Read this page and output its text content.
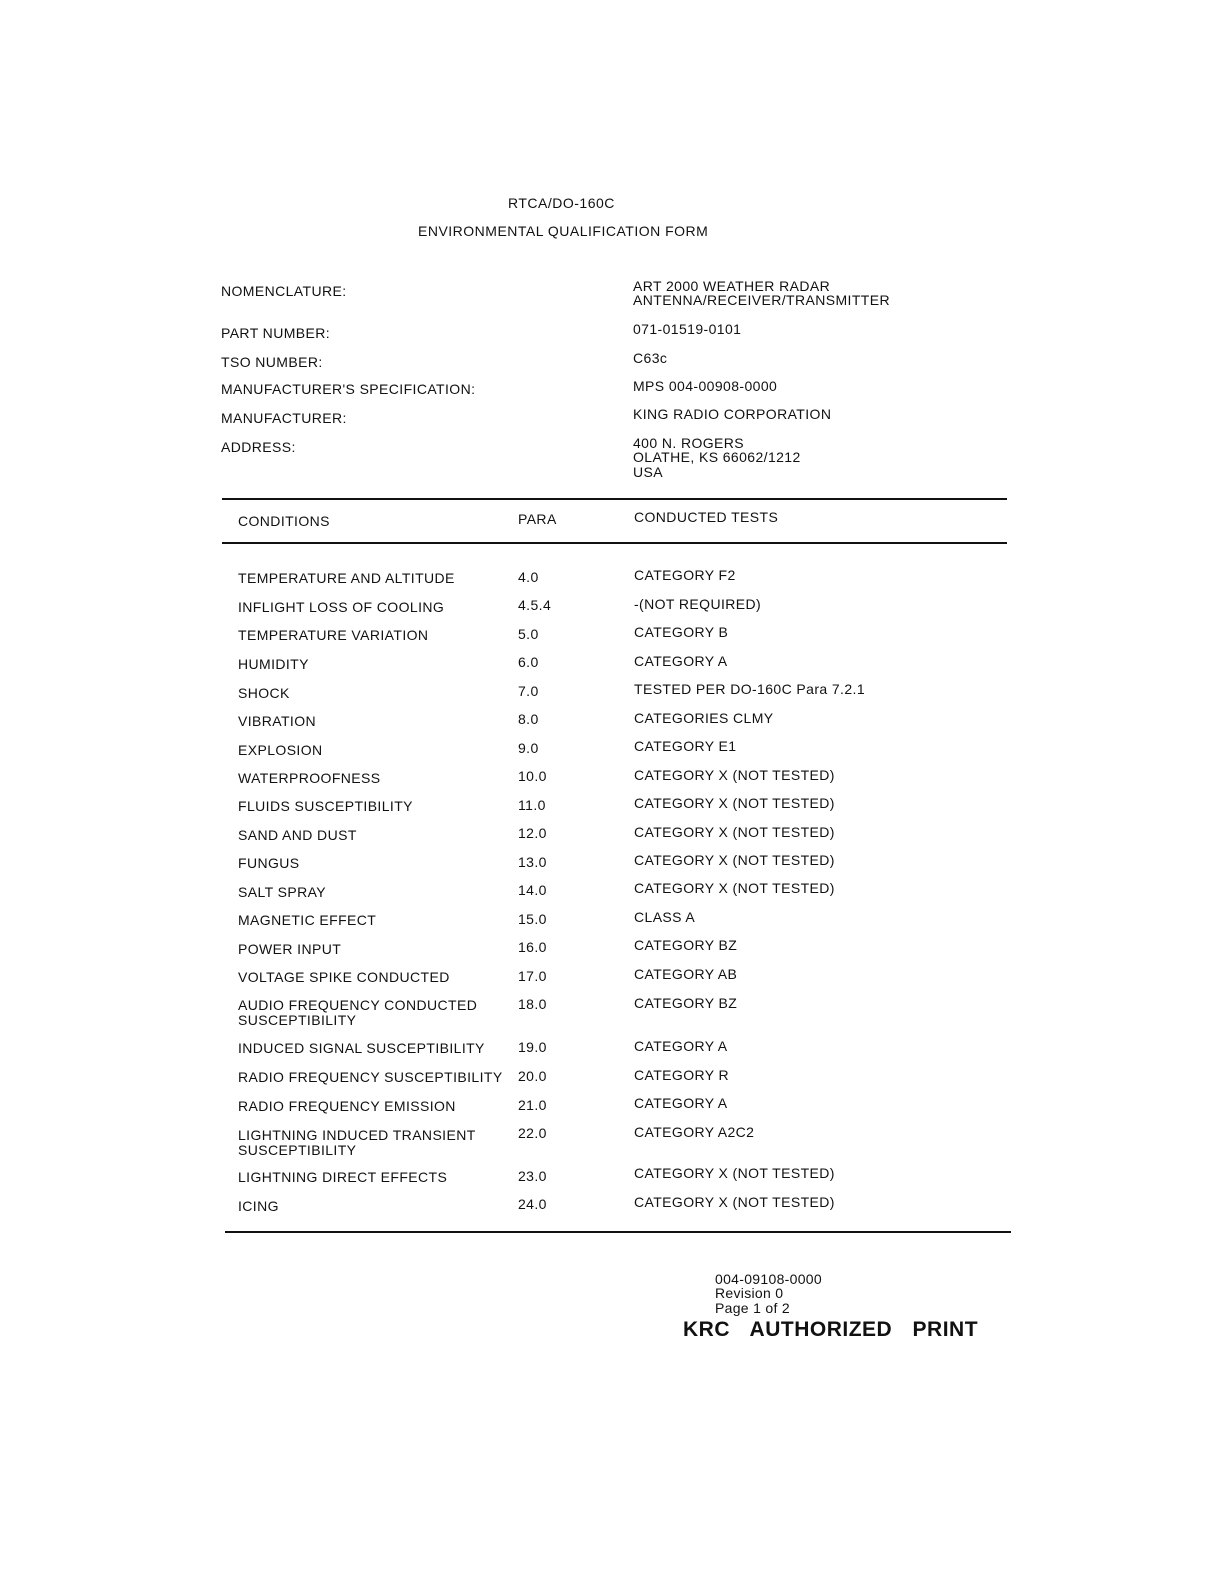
RTCA/DO-160C
ENVIRONMENTAL QUALIFICATION FORM
NOMENCLATURE:	ART 2000 WEATHER RADAR
ANTENNA/RECEIVER/TRANSMITTER
PART NUMBER:	071-01519-0101
TSO NUMBER:	C63c
MANUFACTURER'S SPECIFICATION:	MPS 004-00908-0000
MANUFACTURER:	KING RADIO CORPORATION
ADDRESS:	400 N. ROGERS
OLATHE, KS 66062/1212
USA
CONDITIONS	PARA	CONDUCTED TESTS
TEMPERATURE AND ALTITUDE	4.0	CATEGORY F2
INFLIGHT LOSS OF COOLING	4.5.4	-(NOT REQUIRED)
TEMPERATURE VARIATION	5.0	CATEGORY B
HUMIDITY	6.0	CATEGORY A
SHOCK	7.0	TESTED PER DO-160C Para 7.2.1
VIBRATION	8.0	CATEGORIES CLMY
EXPLOSION	9.0	CATEGORY E1
WATERPROOFNESS	10.0	CATEGORY X (NOT TESTED)
FLUIDS SUSCEPTIBILITY	11.0	CATEGORY X (NOT TESTED)
SAND AND DUST	12.0	CATEGORY X (NOT TESTED)
FUNGUS	13.0	CATEGORY X (NOT TESTED)
SALT SPRAY	14.0	CATEGORY X (NOT TESTED)
MAGNETIC EFFECT	15.0	CLASS A
POWER INPUT	16.0	CATEGORY BZ
VOLTAGE SPIKE CONDUCTED	17.0	CATEGORY AB
AUDIO FREQUENCY CONDUCTED SUSCEPTIBILITY
18.0	CATEGORY BZ
INDUCED SIGNAL SUSCEPTIBILITY 19.0	CATEGORY A
RADIO FREQUENCY SUSCEPTIBILITY 20.0	CATEGORY R
RADIO FREQUENCY EMISSION	21.0	CATEGORY A
LIGHTNING INDUCED TRANSIENT SUSCEPTIBILITY
22.0	CATEGORY A2C2
LIGHTNING DIRECT EFFECTS	23.0	CATEGORY X (NOT TESTED)
ICING	24.0	CATEGORY X (NOT TESTED)
004-09108-0000
Revision 0
Page 1 of 2
KRC AUTHORIZED PRINT
